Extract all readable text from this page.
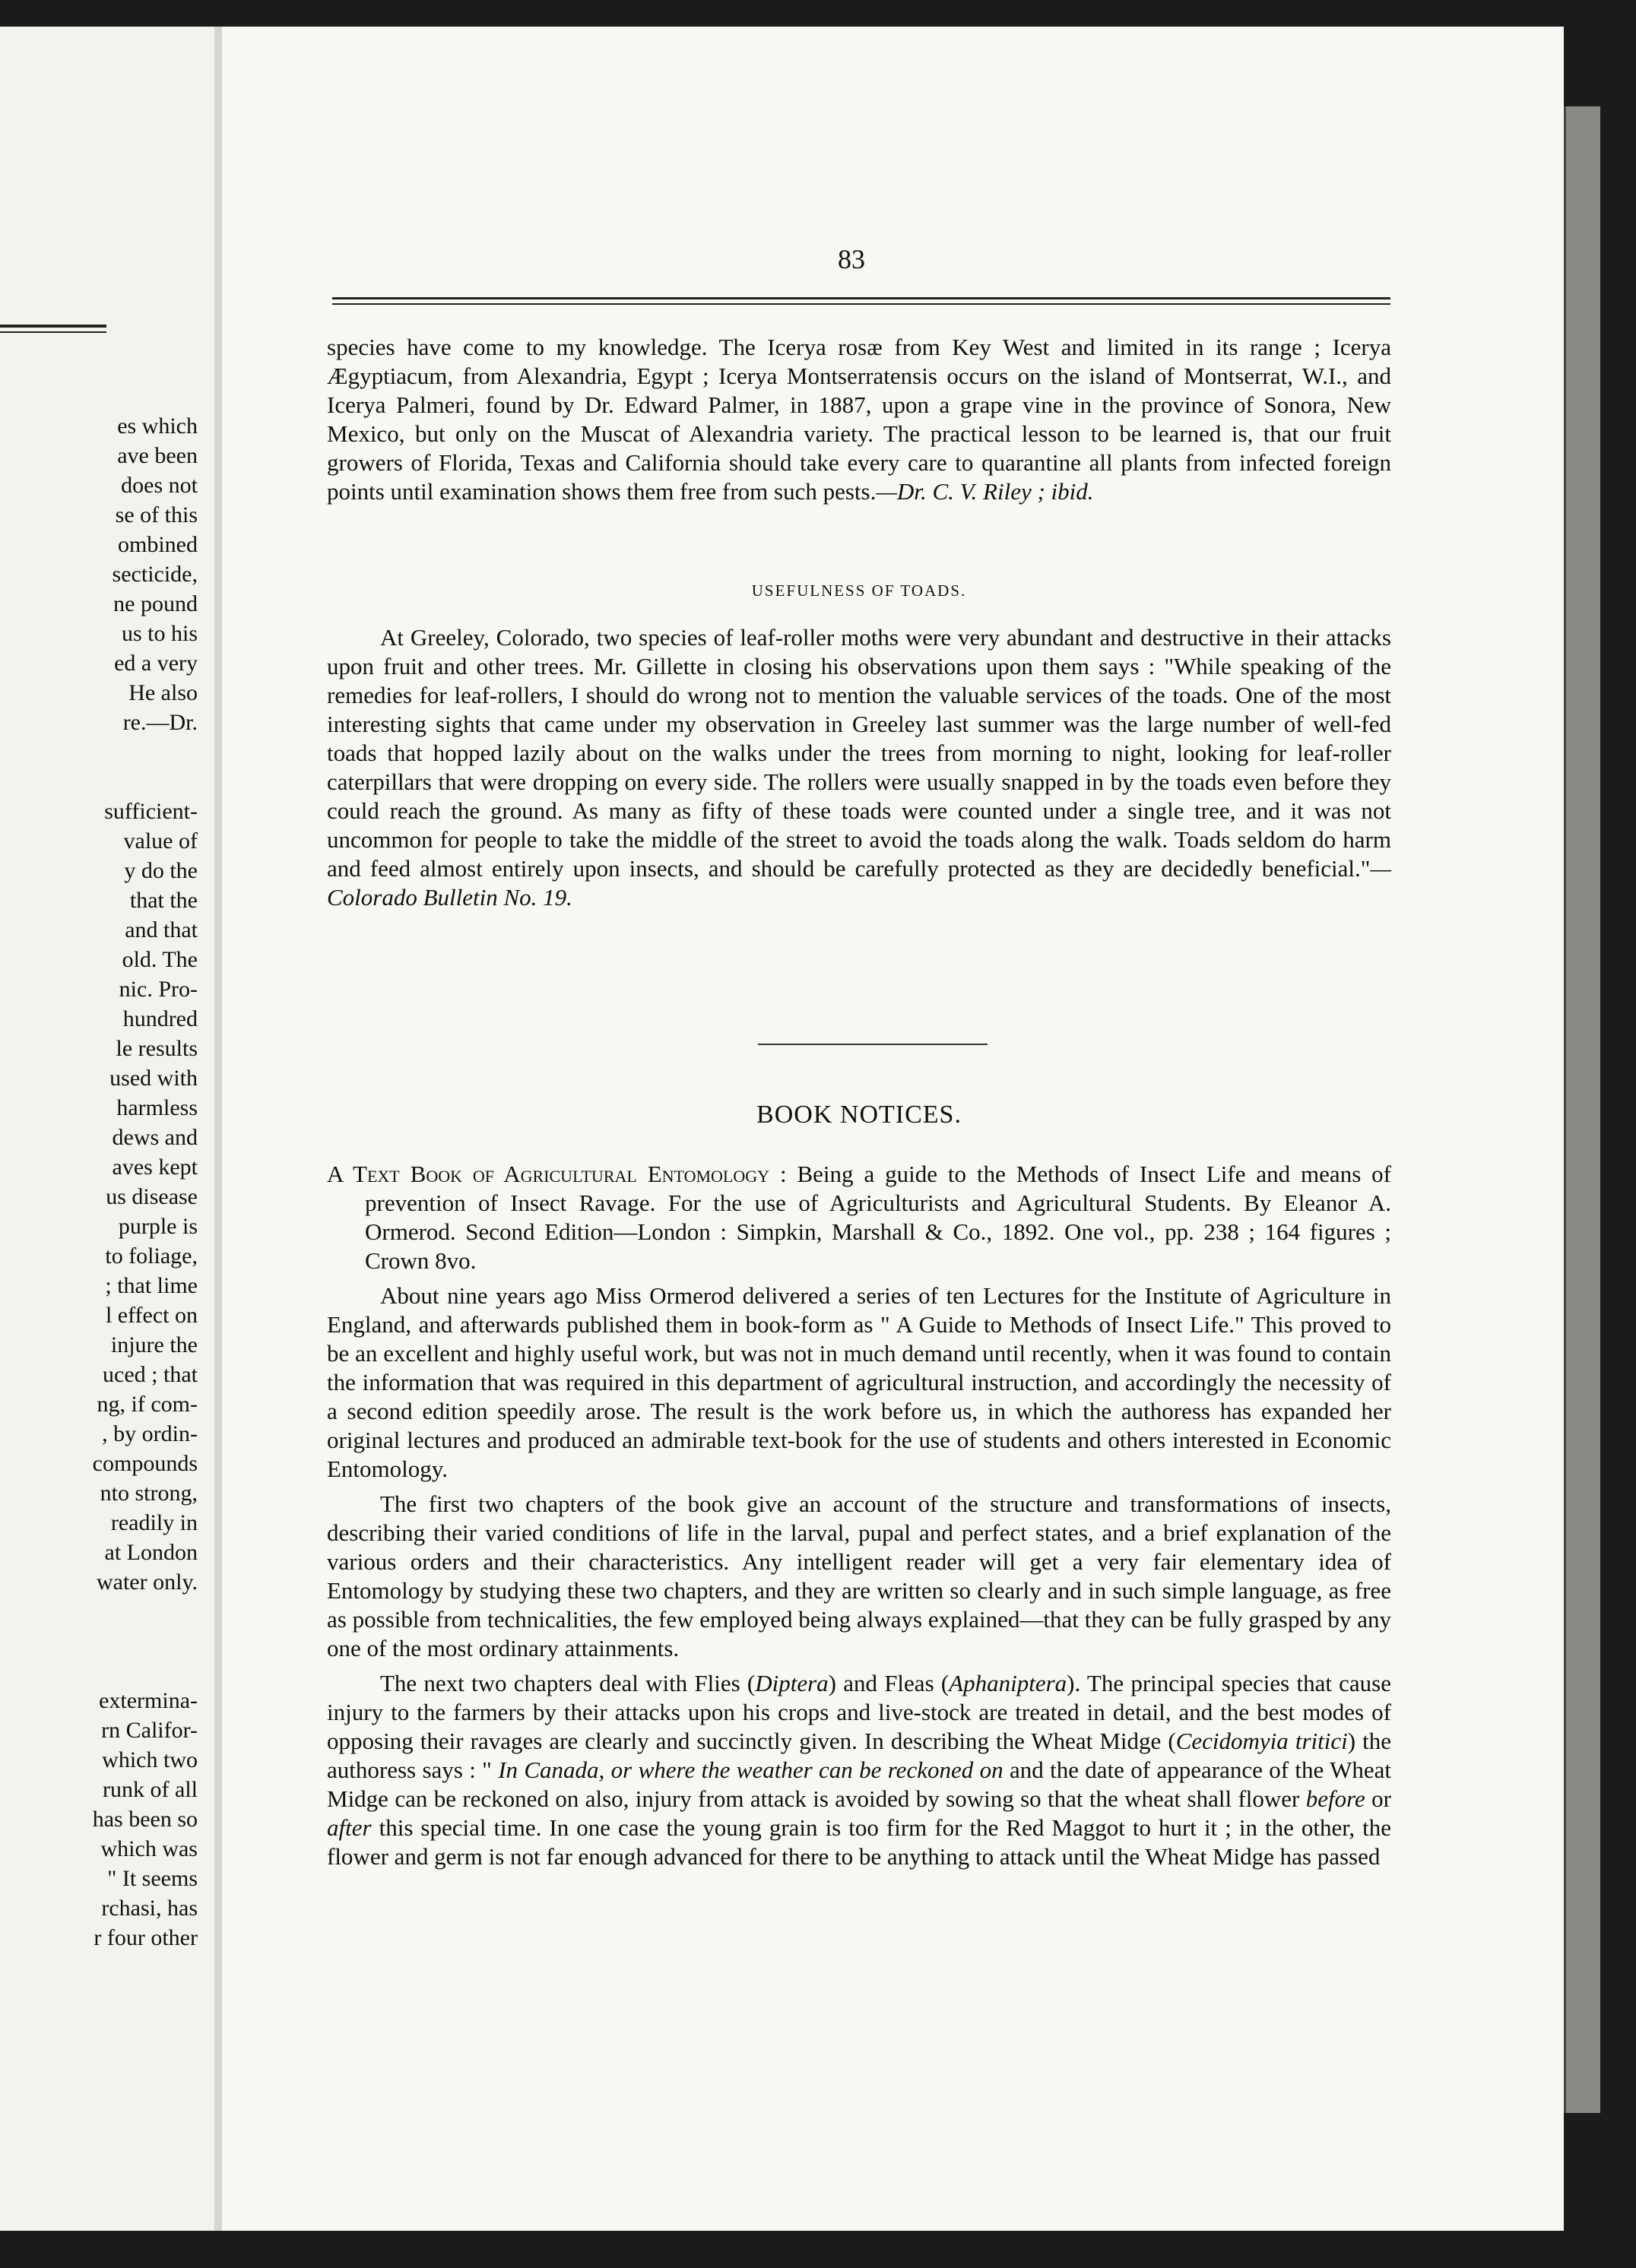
es which
ave been
does not
se of this
ombined
secticide,
ne pound
us to his
ed a very
He also
re.—Dr.

sufficient-
value of
y do the
that the
and that
old. The
nic. Pro-
hundred
le results
used with
harmless
dews and
aves kept
us disease
purple is
to foliage,
; that lime
l effect on
injure the
uced ; that
ng, if com-
, by ordin-
compounds
nto strong,
readily in
at London
water only.

extermina-
rn Califor-
which two
runk of all
has been so
which was
" It seems
rchasi, has
r four other
83

species have come to my knowledge. The Icerya rosæ from Key West and limited in its range ; Icerya Ægyptiacum, from Alexandria, Egypt ; Icerya Montserratensis occurs on the island of Montserrat, W.I., and Icerya Palmeri, found by Dr. Edward Palmer, in 1887, upon a grape vine in the province of Sonora, New Mexico, but only on the Muscat of Alexandria variety. The practical lesson to be learned is, that our fruit growers of Florida, Texas and California should take every care to quarantine all plants from infected foreign points until examination shows them free from such pests.—Dr. C. V. Riley ; ibid.

USEFULNESS OF TOADS.

At Greeley, Colorado, two species of leaf-roller moths were very abundant and destructive in their attacks upon fruit and other trees. Mr. Gillette in closing his observations upon them says : "While speaking of the remedies for leaf-rollers, I should do wrong not to mention the valuable services of the toads. One of the most interesting sights that came under my observation in Greeley last summer was the large number of well-fed toads that hopped lazily about on the walks under the trees from morning to night, looking for leaf-roller caterpillars that were dropping on every side. The rollers were usually snapped in by the toads even before they could reach the ground. As many as fifty of these toads were counted under a single tree, and it was not uncommon for people to take the middle of the street to avoid the toads along the walk. Toads seldom do harm and feed almost entirely upon insects, and should be carefully protected as they are decidedly beneficial."—Colorado Bulletin No. 19.

BOOK NOTICES.

A Text Book of Agricultural Entomology : Being a guide to the Methods of Insect Life and means of prevention of Insect Ravage. For the use of Agriculturists and Agricultural Students. By Eleanor A. Ormerod. Second Edition—London : Simpkin, Marshall & Co., 1892. One vol., pp. 238 ; 164 figures ; Crown 8vo.

About nine years ago Miss Ormerod delivered a series of ten Lectures for the Institute of Agriculture in England, and afterwards published them in book-form as " A Guide to Methods of Insect Life." This proved to be an excellent and highly useful work, but was not in much demand until recently, when it was found to contain the information that was required in this department of agricultural instruction, and accordingly the necessity of a second edition speedily arose. The result is the work before us, in which the authoress has expanded her original lectures and produced an admirable text-book for the use of students and others interested in Economic Entomology.

The first two chapters of the book give an account of the structure and transformations of insects, describing their varied conditions of life in the larval, pupal and perfect states, and a brief explanation of the various orders and their characteristics. Any intelligent reader will get a very fair elementary idea of Entomology by studying these two chapters, and they are written so clearly and in such simple language, as free as possible from technicalities, the few employed being always explained—that they can be fully grasped by any one of the most ordinary attainments.

The next two chapters deal with Flies (Diptera) and Fleas (Aphaniptera). The principal species that cause injury to the farmers by their attacks upon his crops and live-stock are treated in detail, and the best modes of opposing their ravages are clearly and succinctly given. In describing the Wheat Midge (Cecidomyia tritici) the authoress says : " In Canada, or where the weather can be reckoned on and the date of appearance of the Wheat Midge can be reckoned on also, injury from attack is avoided by sowing so that the wheat shall flower before or after this special time. In one case the young grain is too firm for the Red Maggot to hurt it ; in the other, the flower and germ is not far enough advanced for there to be anything to attack until the Wheat Midge has passed
